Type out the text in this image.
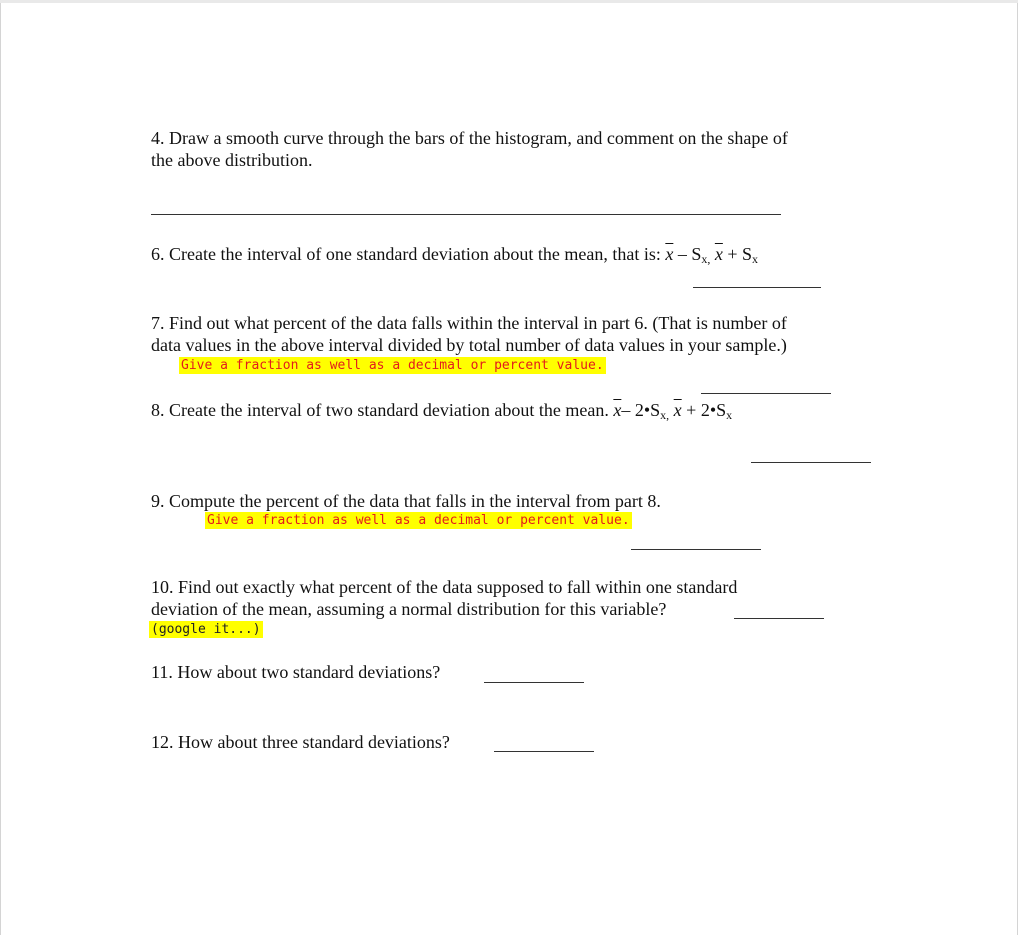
4. Draw a smooth curve through the bars of the histogram, and comment on the shape of
the above distribution.
6. Create the interval of one standard deviation about the mean, that is: $\overline{x} - S_{x,}$ $\overline{x} + S_x$
7. Find out what percent of the data falls within the interval in part 6. (That is number of
data values in the above interval divided by total number of data values in your sample.)
Give a fraction as well as a decimal or percent value.
8. Create the interval of two standard deviation about the mean. $\overline{x}-$ $2•S_{x,}$ $\overline{x}$ + $2•S_x$
9. Compute the percent of the data that falls in the interval from part 8.
Give a fraction as well as a decimal or percent value.
10. Find out exactly what percent of the data supposed to fall within one standard
deviation of the mean, assuming a normal distribution for this variable?
(google it...)
11. How about two standard deviations?
12. How about three standard deviations?
